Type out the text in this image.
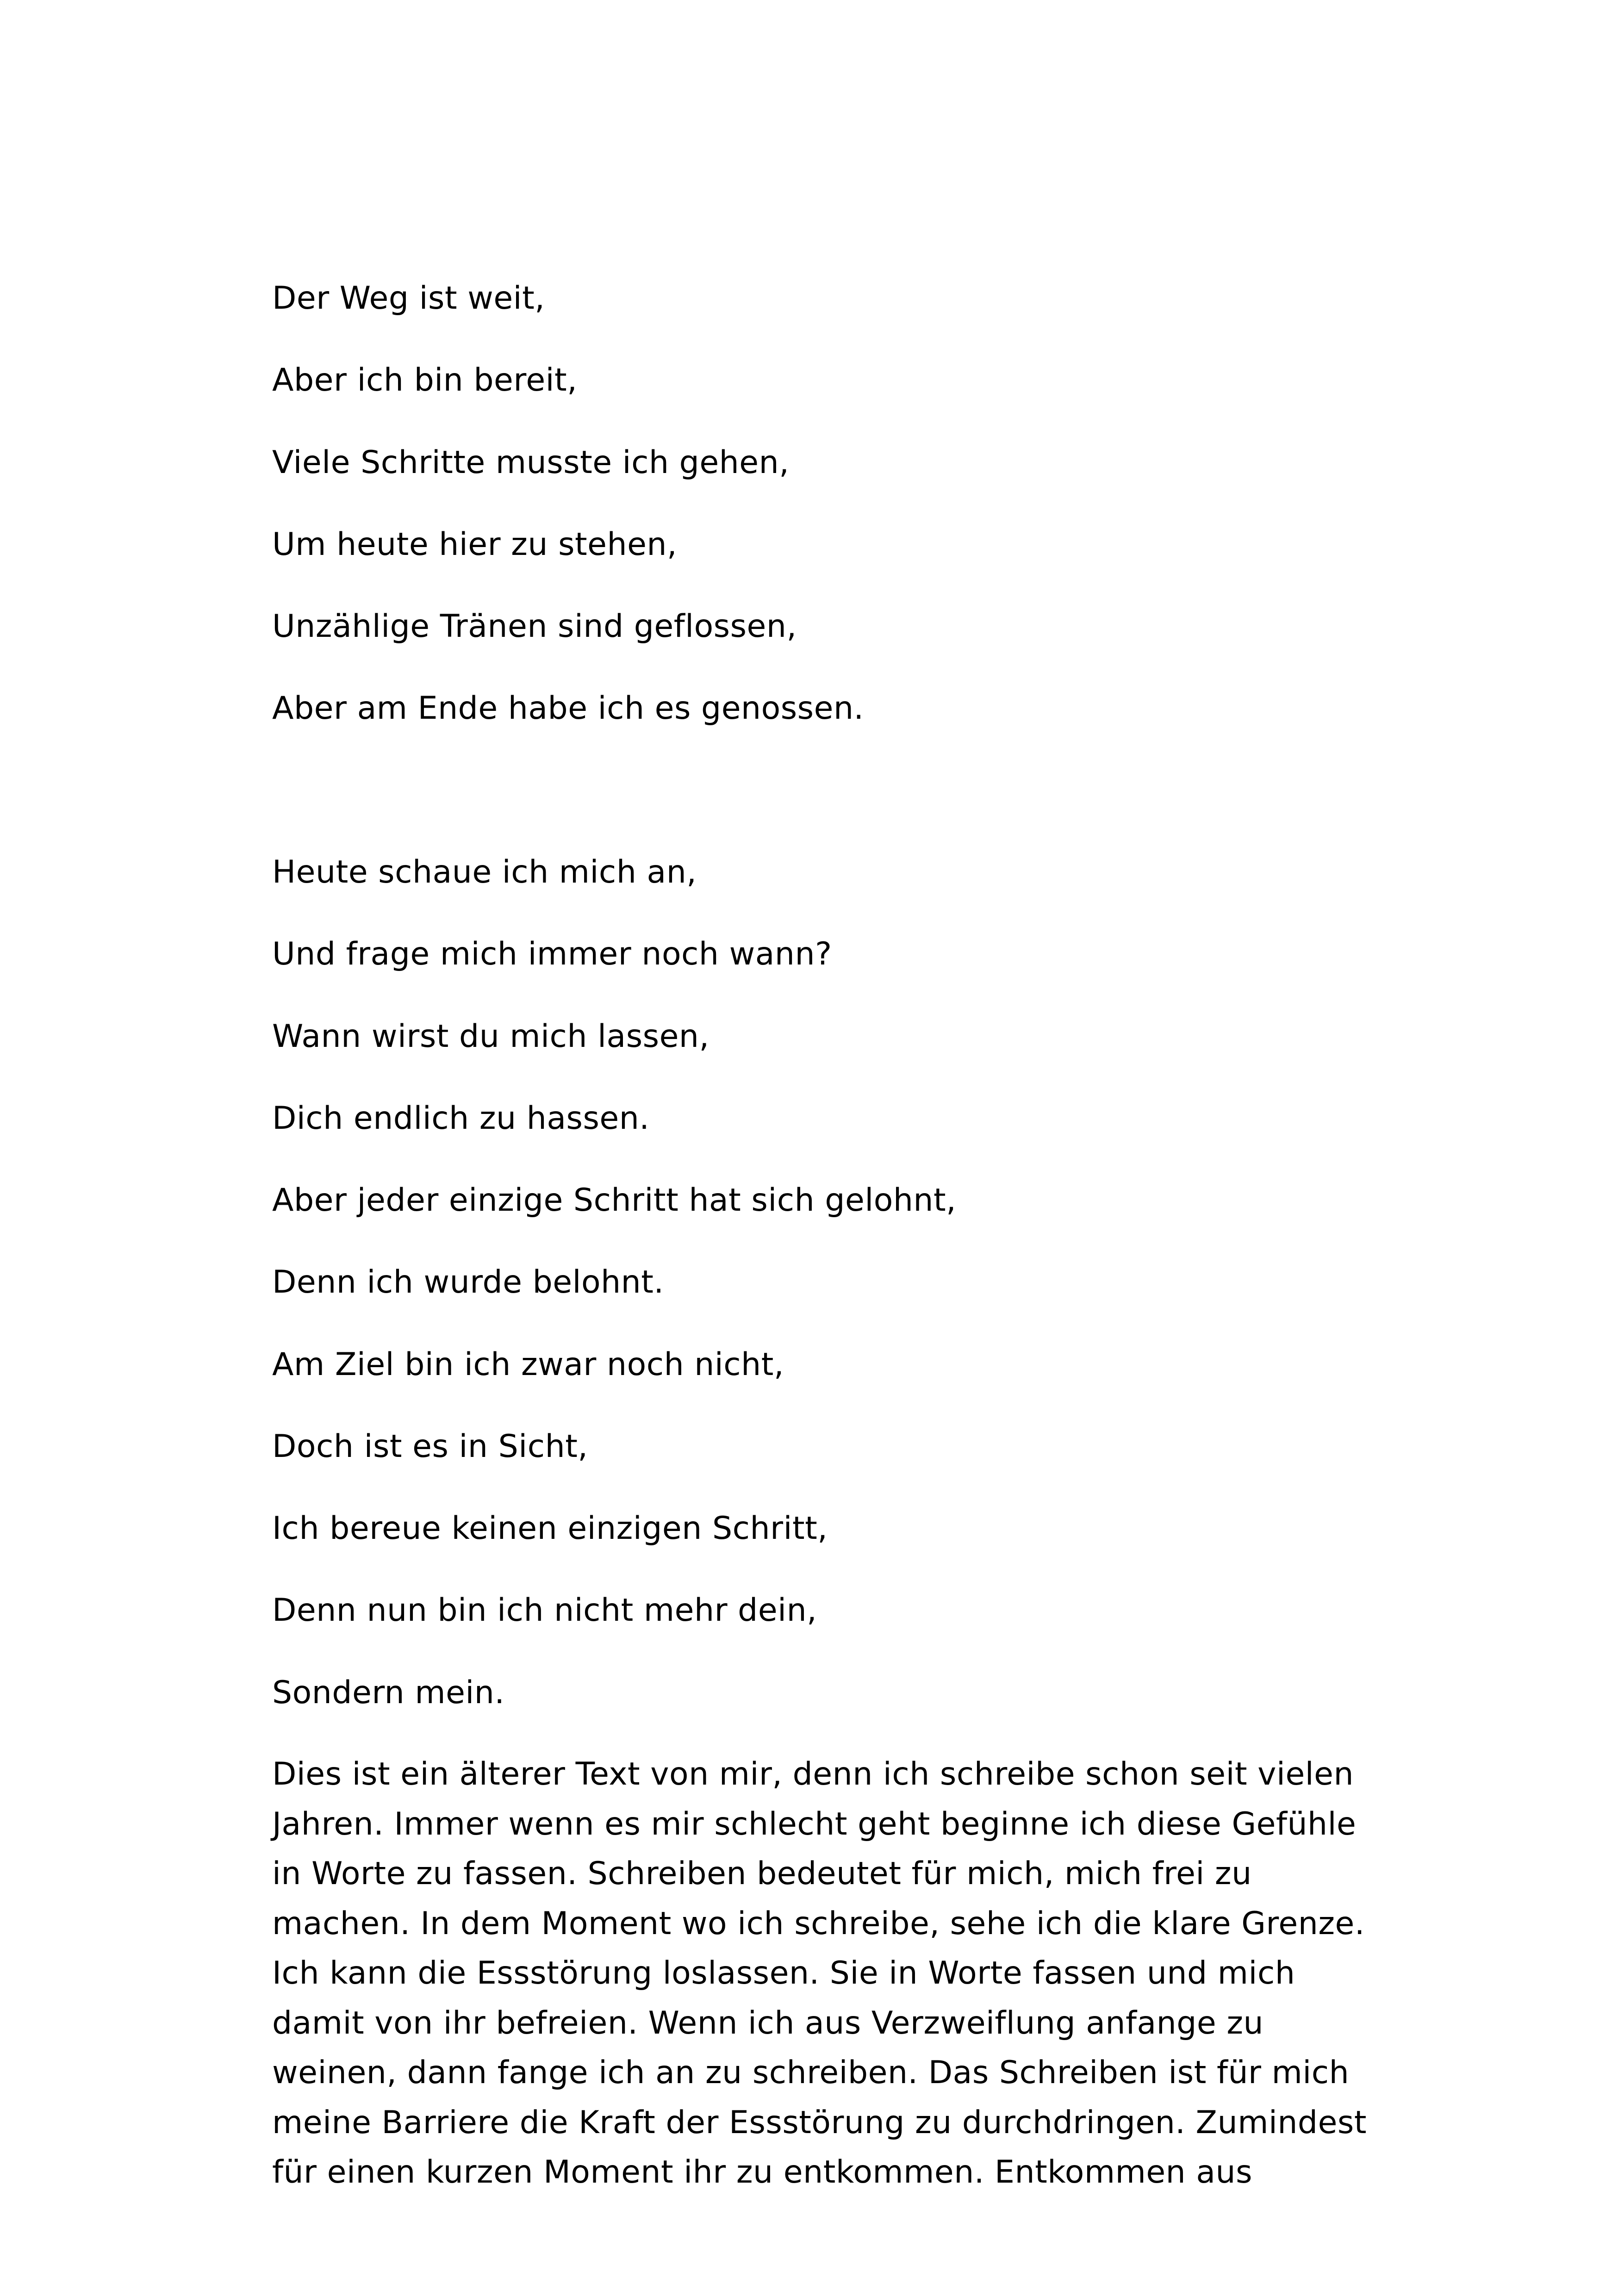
Der Weg ist weit,

Aber ich bin bereit,

Viele Schritte musste ich gehen,

Um heute hier zu stehen,

Unzählige Tränen sind geflossen,

Aber am Ende habe ich es genossen.

Heute schaue ich mich an,

Und frage mich immer noch wann?

Wann wirst du mich lassen,

Dich endlich zu hassen.

Aber jeder einzige Schritt hat sich gelohnt,

Denn ich wurde belohnt.

Am Ziel bin ich zwar noch nicht,

Doch ist es in Sicht,

Ich bereue keinen einzigen Schritt,

Denn nun bin ich nicht mehr dein,

Sondern mein.

Dies ist ein älterer Text von mir, denn ich schreibe schon seit vielen
Jahren. Immer wenn es mir schlecht geht beginne ich diese Gefühle
in Worte zu fassen. Schreiben bedeutet für mich, mich frei zu
machen. In dem Moment wo ich schreibe, sehe ich die klare Grenze.
Ich kann die Essstörung loslassen. Sie in Worte fassen und mich
damit von ihr befreien. Wenn ich aus Verzweiflung anfange zu
weinen, dann fange ich an zu schreiben. Das Schreiben ist für mich
meine Barriere die Kraft der Essstörung zu durchdringen. Zumindest
für einen kurzen Moment ihr zu entkommen. Entkommen aus
